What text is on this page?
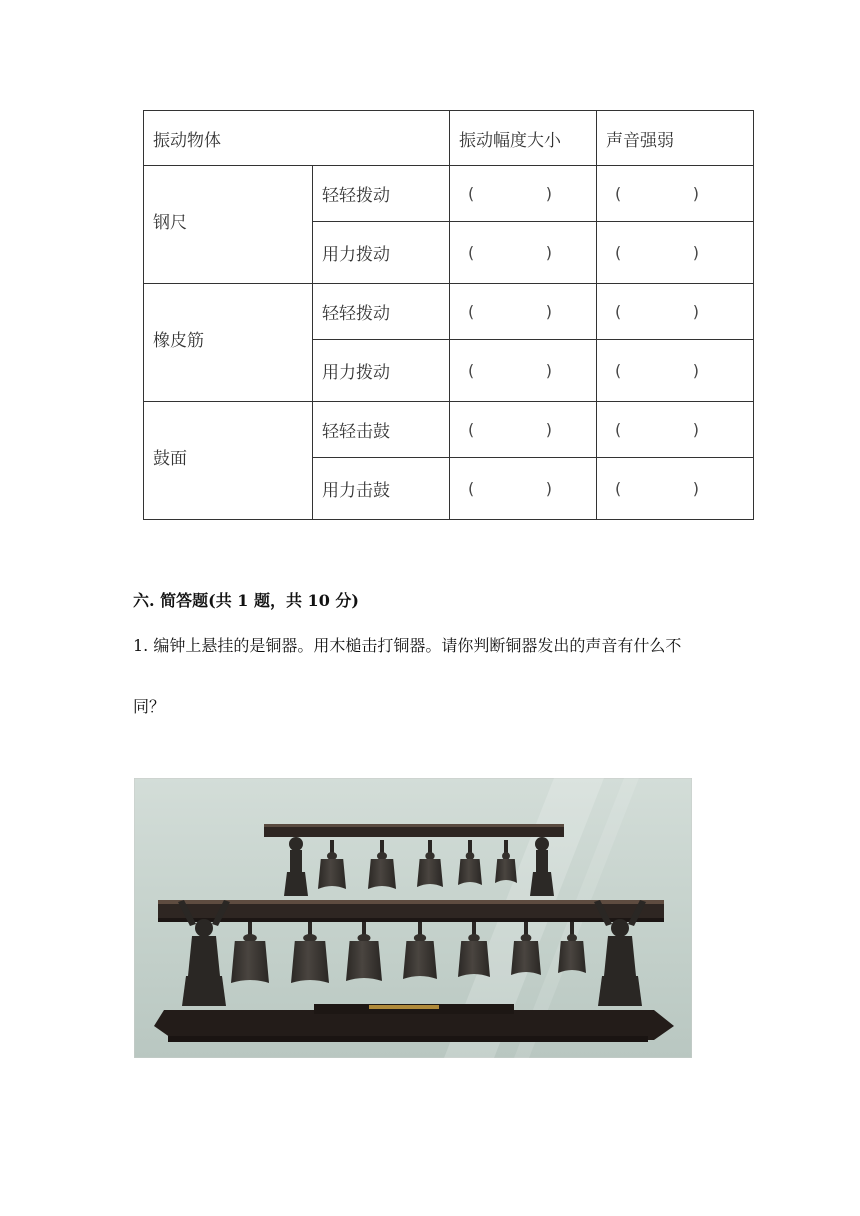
振动物体		振动幅度大小	声音强弱
钢尺	轻轻拨动	( )	( )

	用力拨动	( )	( )

橡皮筋	轻轻拨动	( )	( )

	用力拨动	( )	( )

鼓面	轻轻击鼓	( )	( )

	用力击鼓	( )	( )
六. 简答题(共 1 题，共 10 分)

1. 编钟上悬挂的是铜器。用木槌击打铜器。请你判断铜器发出的声音有什么不

同？
